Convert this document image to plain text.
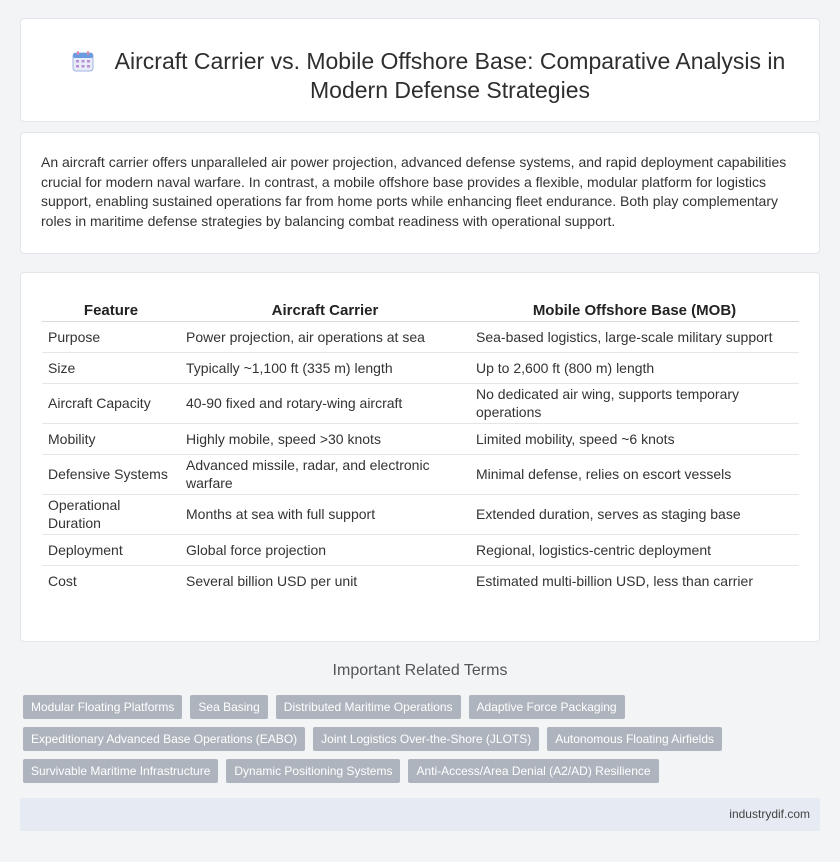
Aircraft Carrier vs. Mobile Offshore Base: Comparative Analysis in Modern Defense Strategies

An aircraft carrier offers unparalleled air power projection, advanced defense systems, and rapid deployment capabilities crucial for modern naval warfare. In contrast, a mobile offshore base provides a flexible, modular platform for logistics support, enabling sustained operations far from home ports while enhancing fleet endurance. Both play complementary roles in maritime defense strategies by balancing combat readiness with operational support.

Feature	Aircraft Carrier	Mobile Offshore Base (MOB)
Purpose	Power projection, air operations at sea	Sea-based logistics, large-scale military support
Size	Typically ~1,100 ft (335 m) length	Up to 2,600 ft (800 m) length
Aircraft Capacity	40-90 fixed and rotary-wing aircraft	No dedicated air wing, supports temporary operations
Mobility	Highly mobile, speed >30 knots	Limited mobility, speed ~6 knots
Defensive Systems	Advanced missile, radar, and electronic warfare	Minimal defense, relies on escort vessels
Operational Duration	Months at sea with full support	Extended duration, serves as staging base
Deployment	Global force projection	Regional, logistics-centric deployment
Cost	Several billion USD per unit	Estimated multi-billion USD, less than carrier
Important Related Terms
Modular Floating Platforms	Sea Basing	Distributed Maritime Operations	Adaptive Force Packaging
Expeditionary Advanced Base Operations (EABO)	Joint Logistics Over-the-Shore (JLOTS)	Autonomous Floating Airfields
Survivable Maritime Infrastructure	Dynamic Positioning Systems	Anti-Access/Area Denial (A2/AD) Resilience
industrydif.com
